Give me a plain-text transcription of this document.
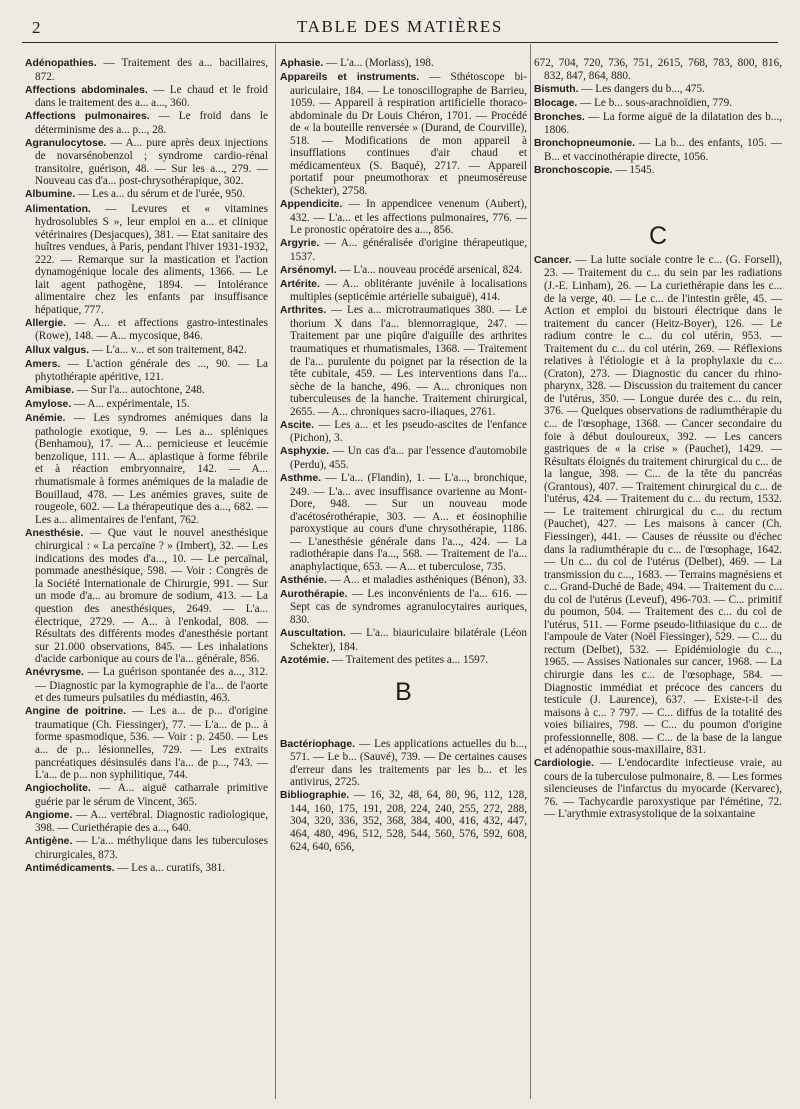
2	TABLE DES MATIÈRES

Adénopathies. — Traitement des a... bacillaires, 872.

Affections abdominales. — Le chaud et le froid dans le traitement des a... a..., 360.

Affections pulmonaires. — Le froid dans le déterminisme des a... p..., 28.

Agranulocytose. — A... pure après deux injections de novarsénobenzol ; syndrome cardio-rénal transitoire, guérison, 48. — Sur les a..., 279. — Nouveau cas d'a... post-chrysothérapique, 302.

Albumine. — Les a... du sérum et de l'urée, 950.

Alimentation. — Levures et « vitamines hydrosolubles S », leur emploi en a... et clinique vétérinaires (Desjacques), 381. — Etat sanitaire des huîtres vendues, à Paris, pendant l'hiver 1931-1932, 222. — Remarque sur la mastication et l'action dynamogénique locale des aliments, 1366. — Le lait agent pathogène, 1894. — Intolérance alimentaire chez les enfants par insuffisance hépatique, 777.

Allergie. — A... et affections gastro-intestinales (Rowe), 148. — A... mycosique, 846.

Allux valgus. — L'a... v... et son traitement, 842.

Amers. — L'action générale des ..., 90. — La phytothérapie apéritive, 121.

Amibiase. — Sur l'a... autochtone, 248.

Amylose. — A... expérimentale, 15.

Anémie. — Les syndromes anémiques dans la pathologie exotique, 9. — Les a... spléniques (Benhamou), 17. — A... pernicieuse et leucémie benzolique, 111. — A... aplastique à forme fébrile et à réaction embryonnaire, 142. — A... rhumatismale à formes anémiques de la maladie de Bouillaud, 478. — Les anémies graves, suite de rougeole, 602. — La thérapeutique des a..., 682. — Les a... alimentaires de l'enfant, 762.

Anesthésie. — Que vaut le nouvel anesthésique chirurgical : « La percaïne ? » (Imbert), 32. — Les indications des modes d'a..., 10. — Le percaïnal, pommade anesthésique, 598. — Voir : Congrès de la Société Internationale de Chirurgie, 991. — Sur un mode d'a... au bromure de sodium, 413. — La question des anesthésiques, 2649. — L'a... électrique, 2729. — A... à l'enkodal, 808. — Résultats des différents modes d'anesthésie portant sur 21.000 observations, 845. — Les inhalations d'acide carbonique au cours de l'a... générale, 856.

Anévrysme. — La guérison spontanée des a..., 312. — Diagnostic par la kymographie de l'a... de l'aorte et des tumeurs pulsatiles du médiastin, 463.

Angine de poitrine. — Les a... de p... d'origine traumatique (Ch. Fiessinger), 77. — L'a... de p... à forme spasmodique, 536. — Voir : p. 2450. — Les a... de p... lésionnelles, 729. — Les extraits pancréatiques désinsulés dans l'a... de p..., 743. — L'a... de p... non syphilitique, 744.

Angiocholite. — A... aiguë catharrale primitive guérie par le sérum de Vincent, 365.

Angiome. — A... vertébral. Diagnostic radiologique, 398. — Curiethérapie des a..., 640.

Antigène. — L'a... méthylique dans les tuberculoses chirurgicales, 873.

Antimédicaments. — Les a... curatifs, 381.

Aphasie. — L'a... (Morlass), 198.

Appareils et instruments. — Sthétoscope bi-auriculaire, 184. — Le tonoscillographe de Barrieu, 1059. — Appareil à respiration artificielle thoraco-abdominale du Dr Louis Chéron, 1701. — Procédé de « la bouteille renversée » (Durand, de Courville), 518. — Modifications de mon appareil à insufflations continues d'air chaud et médicamenteux (S. Baqué), 2717. — Appareil portatif pour pneumothorax et pneumoséreuse (Schekter), 2758.

Appendicite. — In appendicee venenum (Aubert), 432. — L'a... et les affections pulmonaires, 776. — Le pronostic opératoire des a..., 856.

Argyrie. — A... généralisée d'origine thérapeutique, 1537.

Arsénomyl. — L'a... nouveau procédé arsenical, 824.

Artérite. — A... oblitérante juvénile à localisations multiples (septicémie artérielle subaiguë), 414.

Arthrites. — Les a... microtraumatiques 380. — Le thorium X dans l'a... blennorragique, 247. — Traitement par une piqûre d'aiguille des arthrites traumatiques et rhumatismales, 1368. — Traitement de l'a... purulente du poignet par la résection de la tête cubitale, 459. — Les interventions dans l'a... sèche de la hanche, 496. — A... chroniques non tuberculeuses de la hanche. Traitement chirurgical, 2655. — A... chroniques sacro-iliaques, 2761.

Ascite. — Les a... et les pseudo-ascites de l'enfance (Pichon), 3.

Asphyxie. — Un cas d'a... par l'essence d'automobile (Perdu), 455.

Asthme. — L'a... (Flandin), 1. — L'a..., bronchique, 249. — L'a... avec insuffisance ovarienne au Mont-Dore, 948. — Sur un nouveau mode d'acétosérothérapie, 303. — A... et éosinophilie paroxystique au cours d'une chrysothérapie, 1186. — L'anesthésie générale dans l'a..., 424. — La radiothérapie dans l'a..., 568. — Traitement de l'a... anaphylactique, 653. — A... et tuberculose, 735.

Asthénie. — A... et maladies asthéniques (Bénon), 33.

Aurothérapie. — Les inconvénients de l'a... 616. — Sept cas de syndromes agranulocytaires auriques, 830.

Auscultation. — L'a... biauriculaire bilatérale (Léon Schekter), 184.

Azotémie. — Traitement des petites a... 1597.

B

Bactériophage. — Les applications actuelles du b..., 571. — Le b... (Sauvé), 739. — De certaines causes d'erreur dans les traitements par les b... et les antivirus, 2725.

Bibliographie. — 16, 32, 48, 64, 80, 96, 112, 128, 144, 160, 175, 191, 208, 224, 240, 255, 272, 288, 304, 320, 336, 352, 368, 384, 400, 416, 432, 447, 464, 480, 496, 512, 528, 544, 560, 576, 592, 608, 624, 640, 656,

672, 704, 720, 736, 751, 2615, 768, 783, 800, 816, 832, 847, 864, 880.

Bismuth. — Les dangers du b..., 475.

Blocage. — Le b... sous-arachnoïdien, 779.

Bronches. — La forme aiguë de la dilatation des b..., 1806.

Bronchopneumonie. — La b... des enfants, 105. — B... et vaccinothérapie directe, 1056.

Bronchoscopie. — 1545.

C

Cancer. — La lutte sociale contre le c... (G. Forsell), 23. — Traitement du c... du sein par les radiations (J.-E. Linham), 26. — La curiethérapie dans les c... de la verge, 40. — Le c... de l'intestin grêle, 45. — Action et emploi du bistouri électrique dans le traitement du cancer (Heitz-Boyer), 126. — Le radium contre le c... du col utérin, 953. — Traitement du c... du col utérin, 269. — Réflexions relatives à l'étiologie et à la prophylaxie du c... (Craton), 273. — Diagnostic du cancer du rhino-pharynx, 328. — Discussion du traitement du cancer de l'utérus, 350. — Longue durée des c... du rein, 376. — Quelques observations de radiumthérapie du c... de l'œsophage, 1368. — Cancer secondaire du foie à début douloureux, 392. — Les cancers gastriques de « la crise » (Pauchet), 1429. — Résultats éloignés du traitement chirurgical du c... de la langue, 398. — C... de la tête du pancréas (Grantous), 407. — Traitement chirurgical du c... de l'utérus, 424. — Traitement du c... du rectum, 1532. — Le traitement chirurgical du c... du rectum (Pauchet), 427. — Les maisons à cancer (Ch. Fiessinger), 441. — Causes de réussite ou d'échec dans la radiumthérapie du c... de l'œsophage, 1642. — Un c... du col de l'utérus (Delbet), 469. — La transmission du c..., 1683. — Terrains magnésiens et c... Grand-Duché de Bade, 494. — Traitement du c... du col de l'utérus (Leveuf), 496-703. — C... primitif du poumon, 504. — Traitement des c... du col de l'utérus, 511. — Forme pseudo-lithiasique du c... de l'ampoule de Vater (Noël Fiessinger), 529. — C... du rectum (Delbet), 532. — Epidémiologie du c..., 1965. — Assises Nationales sur cancer, 1968. — La chirurgie dans les c... de l'œsophage, 584. — Diagnostic immédiat et précoce des cancers du testicule (J. Laurence), 637. — Existe-t-il des maisons à c... ? 797. — C... diffus de la totalité des voies biliaires, 798. — C... du poumon d'origine professionnelle, 808. — C... de la base de la langue et adénopathie sous-maxillaire, 831.

Cardiologie. — L'endocardite infectieuse vraie, au cours de la tuberculose pulmonaire, 8. — Les formes silencieuses de l'infarctus du myocarde (Kervarec), 76. — Tachycardie paroxystique par l'émétine, 72. — L'arythmie extrasystolique de la soixantaine
